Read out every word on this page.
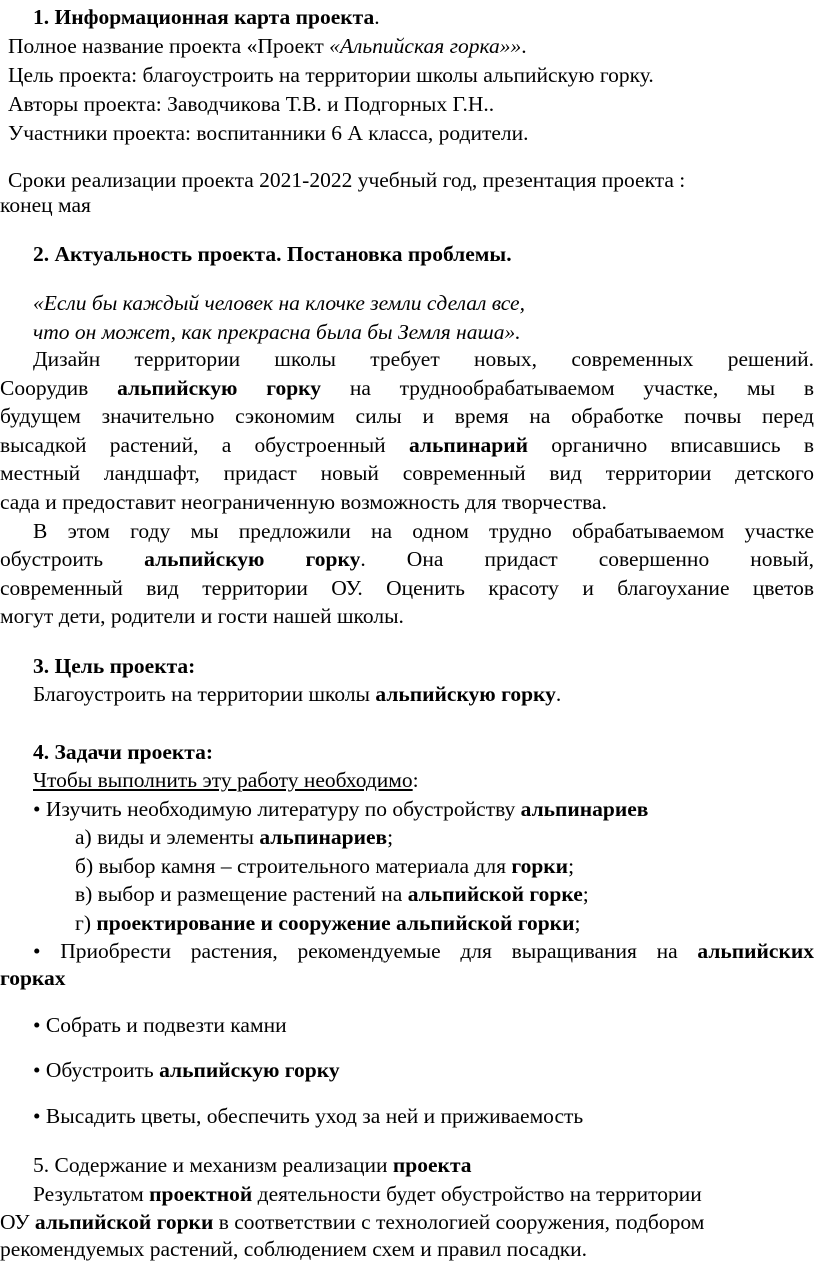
1. Информационная карта проекта.
Полное название проекта «Проект «Альпийская горка»».
Цель проекта: благоустроить на территории школы альпийскую горку.
Авторы проекта: Заводчикова Т.В. и Подгорных Г.Н..
Участники проекта: воспитанники 6 А класса, родители.
Сроки реализации проекта 2021-2022 учебный год, презентация проекта :
конец мая
2. Актуальность проекта. Постановка проблемы.
«Если бы каждый человек на клочке земли сделал все,
что он может, как прекрасна была бы Земля наша».
Дизайн территории школы требует новых, современных решений.
Соорудив альпийскую горку на труднообрабатываемом участке, мы в
будущем значительно сэкономим силы и время на обработке почвы перед
высадкой растений, а обустроенный альпинарий органично вписавшись в
местный ландшафт, придаст новый современный вид территории детского
сада и предоставит неограниченную возможность для творчества.
В этом году мы предложили на одном трудно обрабатываемом участке
обустроить альпийскую горку. Она придаст совершенно новый,
современный вид территории ОУ. Оценить красоту и благоухание цветов
могут дети, родители и гости нашей школы.
3. Цель проекта:
Благоустроить на территории школы альпийскую горку.
4. Задачи проекта:
Чтобы выполнить эту работу необходимо:
• Изучить необходимую литературу по обустройству альпинариев
а) виды и элементы альпинариев;
б) выбор камня – строительного материала для горки;
в) выбор и размещение растений на альпийской горке;
г) проектирование и сооружение альпийской горки;
• Приобрести растения, рекомендуемые для выращивания на альпийских
горках
• Собрать и подвезти камни
• Обустроить альпийскую горку
• Высадить цветы, обеспечить уход за ней и приживаемость
5. Содержание и механизм реализации проекта
Результатом проектной деятельности будет обустройство на территории
ОУ альпийской горки в соответствии с технологией сооружения, подбором
рекомендуемых растений, соблюдением схем и правил посадки.
